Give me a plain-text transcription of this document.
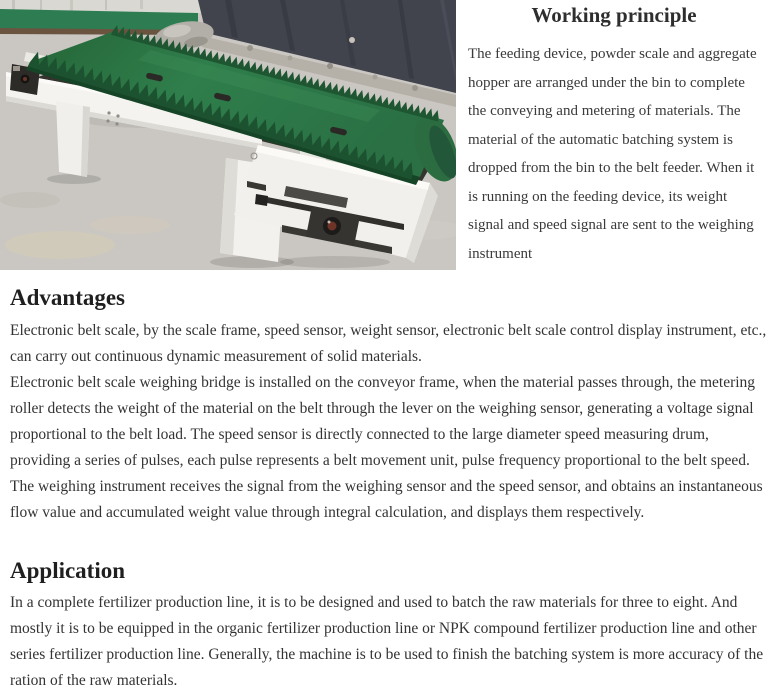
Working principle

The feeding device, powder scale and aggregate hopper are arranged under the bin to complete the conveying and metering of materials. The material of the automatic batching system is dropped from the bin to the belt feeder. When it is running on the feeding device, its weight signal and speed signal are sent to the weighing instrument

Advantages

Electronic belt scale, by the scale frame, speed sensor, weight sensor, electronic belt scale control display instrument, etc., can carry out continuous dynamic measurement of solid materials.

Electronic belt scale weighing bridge is installed on the conveyor frame, when the material passes through, the metering roller detects the weight of the material on the belt through the lever on the weighing sensor, generating a voltage signal proportional to the belt load. The speed sensor is directly connected to the large diameter speed measuring drum, providing a series of pulses, each pulse represents a belt movement unit, pulse frequency proportional to the belt speed. The weighing instrument receives the signal from the weighing sensor and the speed sensor, and obtains an instantaneous flow value and accumulated weight value through integral calculation, and displays them respectively.

Application

In a complete fertilizer production line, it is to be designed and used to batch the raw materials for three to eight. And mostly it is to be equipped in the organic fertilizer production line or NPK compound fertilizer production line and other series fertilizer production line. Generally, the machine is to be used to finish the batching system is more accuracy of the ration of the raw materials.
